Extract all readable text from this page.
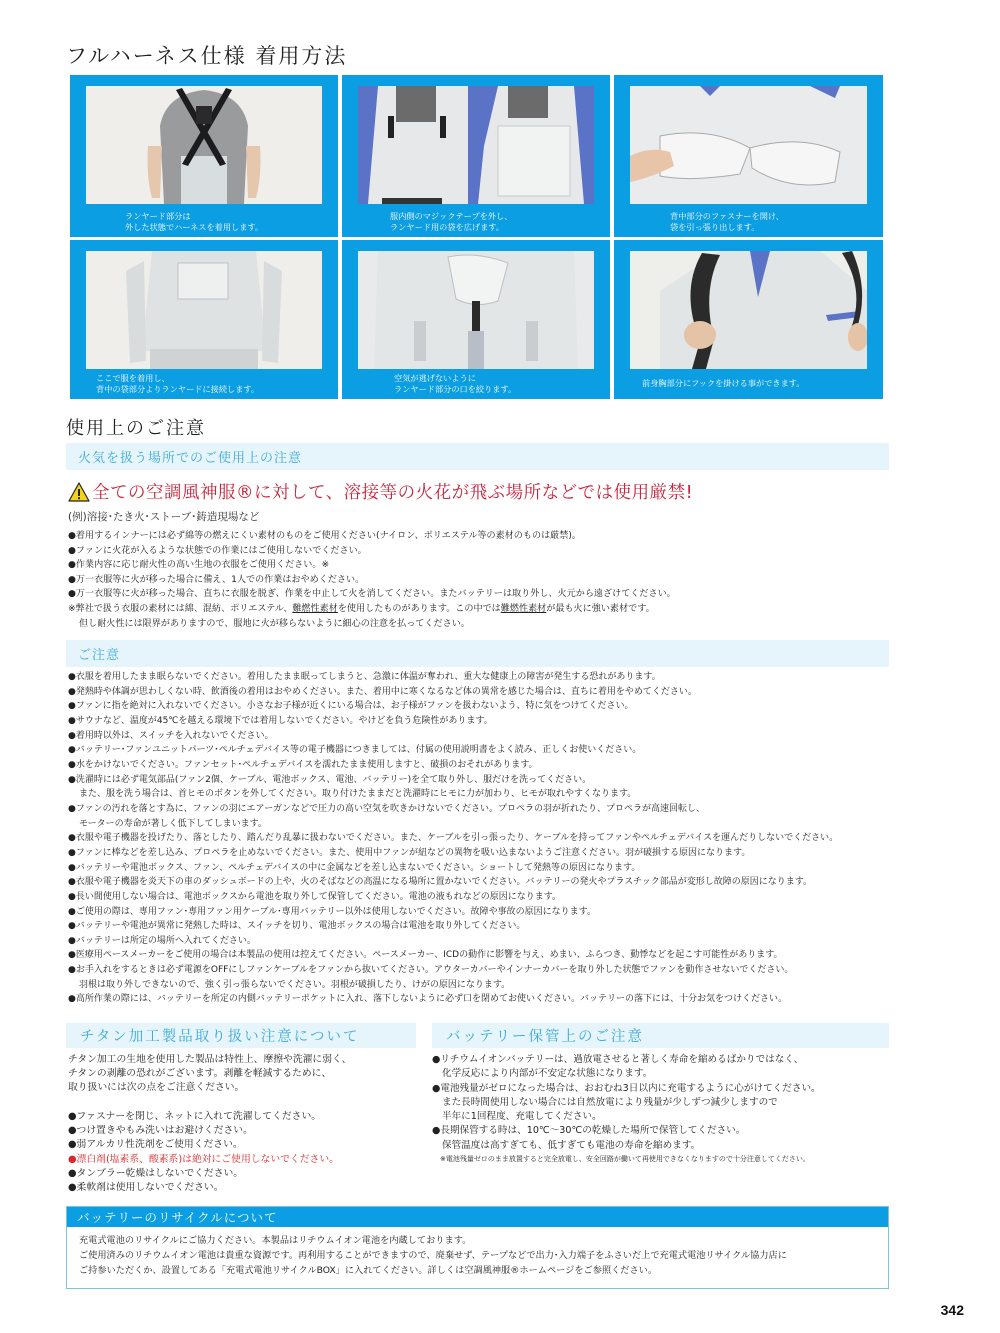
フルハーネス仕様 着用方法
ランヤード部分は
外した状態でハーネスを着用します。
服内側のマジックテープを外し、
ランヤード用の袋を広げます。
背中部分のファスナーを開け、
袋を引っ張り出します。
ここで服を着用し、
背中の袋部分よりランヤードに接続します。
空気が逃げないように
ランヤード部分の口を絞ります。
前身胸部分にフックを掛ける事ができます。
使用上のご注意
火気を扱う場所でのご使用上の注意
全ての空調風神服®に対して、溶接等の火花が飛ぶ場所などでは使用厳禁!
(例)溶接･たき火･ストーブ･鋳造現場など
●着用するインナーには必ず綿等の燃えにくい素材のものをご使用ください(ナイロン、ポリエステル等の素材のものは厳禁)。
●ファンに火花が入るような状態での作業にはご使用しないでください。
●作業内容に応じ耐火性の高い生地の衣服をご使用ください。※
●万一衣服等に火が移った場合に備え、1人での作業はおやめください。
●万一衣服等に火が移った場合、直ちに衣服を脱ぎ、作業を中止して火を消してください。またバッテリーは取り外し、火元から遠ざけてください。
※弊社で扱う衣服の素材には綿、混紡、ポリエステル、難燃性素材を使用したものがあります。この中では難燃性素材が最も火に強い素材です。
但し耐火性には限界がありますので、服地に火が移らないように細心の注意を払ってください。
ご注意
●衣服を着用したまま眠らないでください。着用したまま眠ってしまうと、急激に体温が奪われ、重大な健康上の障害が発生する恐れがあります。
●発熱時や体調が思わしくない時、飲酒後の着用はおやめください。また、着用中に寒くなるなど体の異常を感じた場合は、直ちに着用をやめてください。
●ファンに指を絶対に入れないでください。小さなお子様が近くにいる場合は、お子様がファンを扱わないよう、特に気をつけてください。
●サウナなど、温度が45℃を越える環境下では着用しないでください。やけどを負う危険性があります。
●着用時以外は、スイッチを入れないでください。
●バッテリー･ファンユニットパーツ･ペルチェデバイス等の電子機器につきましては、付属の使用説明書をよく読み、正しくお使いください。
●水をかけないでください。ファンセット･ペルチェデバイスを濡れたまま使用しますと、破損のおそれがあります。
●洗濯時には必ず電気部品(ファン2個、ケーブル、電池ボックス、電池、バッテリー)を全て取り外し、服だけを洗ってください。
また、服を洗う場合は、首ヒモのボタンを外してください。取り付けたままだと洗濯時にヒモに力が加わり、ヒモが取れやすくなります。
●ファンの汚れを落とす為に、ファンの羽にエアーガンなどで圧力の高い空気を吹きかけないでください。プロペラの羽が折れたり、プロペラが高速回転し、
モーターの寿命が著しく低下してしまいます。
●衣服や電子機器を投げたり、落としたり、踏んだり乱暴に扱わないでください。また、ケーブルを引っ張ったり、ケーブルを持ってファンやペルチェデバイスを運んだりしないでください。
●ファンに棒などを差し込み、プロペラを止めないでください。また、使用中ファンが紐などの異物を吸い込まないようご注意ください。羽が破損する原因になります。
●バッテリーや電池ボックス、ファン、ペルチェデバイスの中に金属などを差し込まないでください。ショートして発熱等の原因になります。
●衣服や電子機器を炎天下の車のダッシュボードの上や、火のそばなどの高温になる場所に置かないでください。バッテリーの発火やプラスチック部品が変形し故障の原因になります。
●長い間使用しない場合は、電池ボックスから電池を取り外して保管してください。電池の液もれなどの原因になります。
●ご使用の際は、専用ファン･専用ファン用ケーブル･専用バッテリー以外は使用しないでください。故障や事故の原因になります。
●バッテリーや電池が異常に発熱した時は、スイッチを切り、電池ボックスの場合は電池を取り外してください。
●バッテリーは所定の場所へ入れてください。
●医療用ペースメーカーをご使用の場合は本製品の使用は控えてください。ペースメーカー、ICDの動作に影響を与え、めまい、ふらつき、動悸などを起こす可能性があります。
●お手入れをするときは必ず電源をOFFにしファンケーブルをファンから抜いてください。アウターカバーやインナーカバーを取り外した状態でファンを動作させないでください。
羽根は取り外しできないので、強く引っ張らないでください。羽根が破損したり、けがの原因になります。
●高所作業の際には、バッテリーを所定の内側バッテリーポケットに入れ、落下しないように必ず口を閉めてお使いください。バッテリーの落下には、十分お気をつけください。
チタン加工製品取り扱い注意について
チタン加工の生地を使用した製品は特性上、摩擦や洗濯に弱く、
チタンの剥離の恐れがございます。剥離を軽減するために、
取り扱いには次の点をご注意ください。
●ファスナーを閉じ、ネットに入れて洗濯してください。
●つけ置きやもみ洗いはお避けください。
●弱アルカリ性洗剤をご使用ください。
●漂白剤(塩素系、酸素系)は絶対にご使用しないでください。
●タンブラー乾燥はしないでください。
●柔軟剤は使用しないでください。
バッテリー保管上のご注意
●リチウムイオンバッテリーは、過放電させると著しく寿命を縮めるばかりではなく、
化学反応により内部が不安定な状態になります。
●電池残量がゼロになった場合は、おおむね3日以内に充電するように心がけてください。
また長時間使用しない場合には自然放電により残量が少しずつ減少しますので
半年に1回程度、充電してください。
●長期保管する時は、10℃〜30℃の乾燥した場所で保管してください。
保管温度は高すぎても、低すぎても電池の寿命を縮めます。
※電池残量ゼロのまま放置すると完全放電し、安全回路が働いて再使用できなくなりますので十分注意してください。
バッテリーのリサイクルについて
充電式電池のリサイクルにご協力ください。本製品はリチウムイオン電池を内蔵しております。
ご使用済みのリチウムイオン電池は貴重な資源です。再利用することができますので、廃棄せず、テープなどで出力･入力端子をふさいだ上で充電式電池リサイクル協力店に
ご持参いただくか、設置してある「充電式電池リサイクルBOX」に入れてください。詳しくは空調風神服®ホームページをご参照ください。
342
